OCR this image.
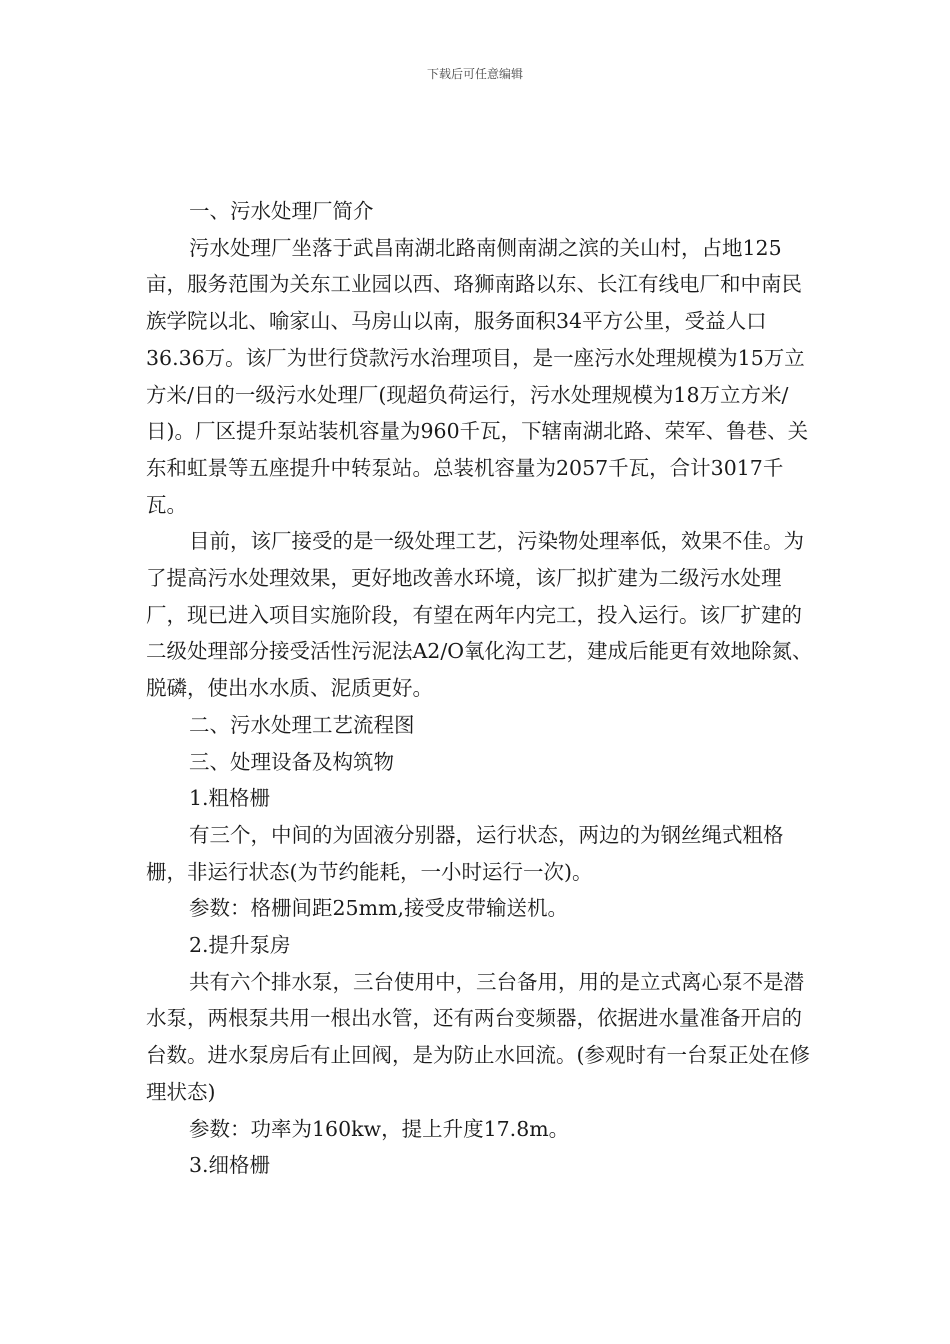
下载后可任意编辑

一、污水处理厂简介

污水处理厂坐落于武昌南湖北路南侧南湖之滨的关山村，占地125亩，服务范围为关东工业园以西、珞狮南路以东、长江有线电厂和中南民族学院以北、喻家山、马房山以南，服务面积34平方公里，受益人口36.36万。该厂为世行贷款污水治理项目，是一座污水处理规模为15万立方米/日的一级污水处理厂(现超负荷运行，污水处理规模为18万立方米/日)。厂区提升泵站装机容量为960千瓦，下辖南湖北路、荣军、鲁巷、关东和虹景等五座提升中转泵站。总装机容量为2057千瓦，合计3017千瓦。

目前，该厂接受的是一级处理工艺，污染物处理率低，效果不佳。为了提高污水处理效果，更好地改善水环境，该厂拟扩建为二级污水处理厂，现已进入项目实施阶段，有望在两年内完工，投入运行。该厂扩建的二级处理部分接受活性污泥法A2/O氧化沟工艺，建成后能更有效地除氮、脱磷，使出水水质、泥质更好。

二、污水处理工艺流程图

三、处理设备及构筑物

1.粗格栅

有三个，中间的为固液分别器，运行状态，两边的为钢丝绳式粗格栅，非运行状态(为节约能耗，一小时运行一次)。

参数：格栅间距25mm,接受皮带输送机。

2.提升泵房

共有六个排水泵，三台使用中，三台备用，用的是立式离心泵不是潜水泵，两根泵共用一根出水管，还有两台变频器，依据进水量准备开启的台数。进水泵房后有止回阀，是为防止水回流。(参观时有一台泵正处在修理状态)

参数：功率为160kw，提上升度17.8m。

3.细格栅
